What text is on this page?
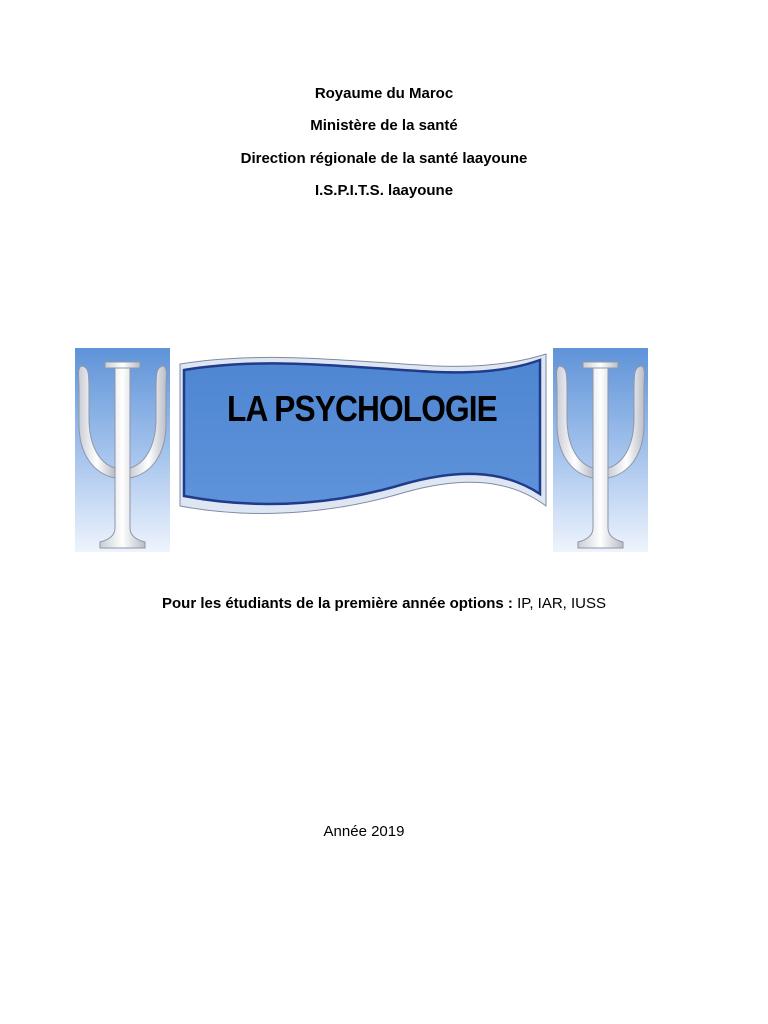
Royaume du Maroc
Ministère de la santé
Direction régionale de la santé laayoune
I.S.P.I.T.S. laayoune
LA PSYCHOLOGIE
Pour les étudiants de la première année options : IP, IAR, IUSS
Année 2019
